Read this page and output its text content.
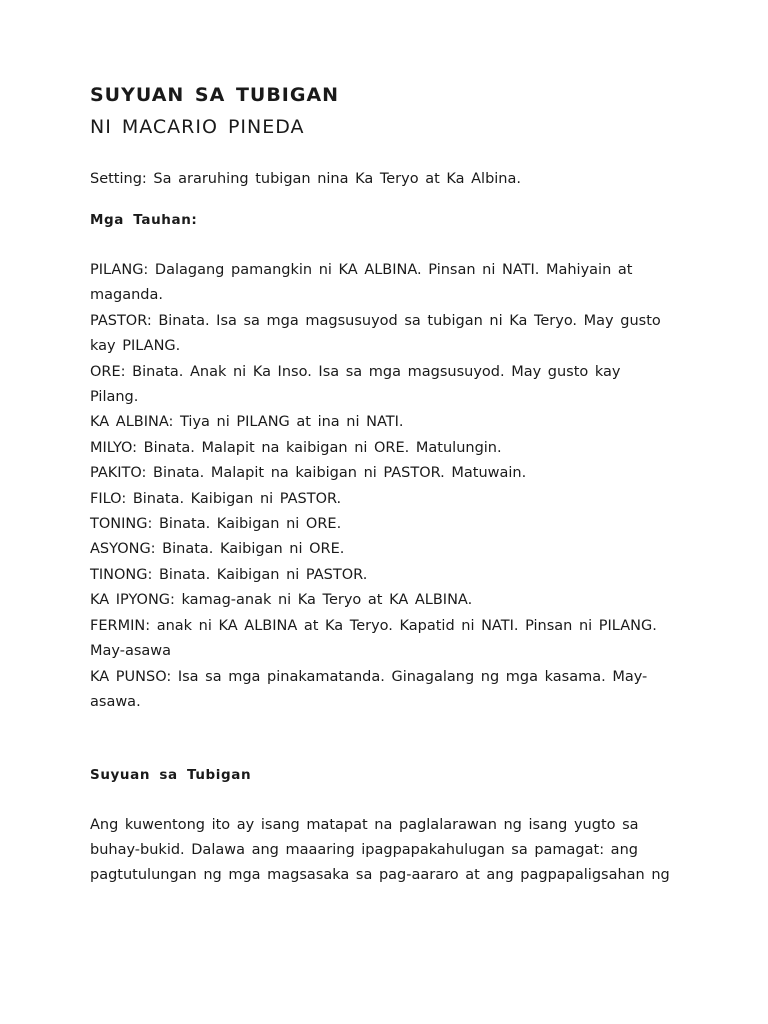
SUYUAN SA TUBIGAN

NI MACARIO PINEDA

Setting: Sa araruhing tubigan nina Ka Teryo at Ka Albina.

Mga Tauhan:

PILANG: Dalagang pamangkin ni KA ALBINA. Pinsan ni NATI. Mahiyain at maganda.
PASTOR: Binata. Isa sa mga magsusuyod sa tubigan ni Ka Teryo. May gusto kay PILANG.
ORE: Binata. Anak ni Ka Inso. Isa sa mga magsusuyod. May gusto kay Pilang.
KA ALBINA: Tiya ni PILANG at ina ni NATI.
MILYO: Binata. Malapit na kaibigan ni ORE. Matulungin.
PAKITO: Binata. Malapit na kaibigan ni PASTOR. Matuwain.
FILO: Binata. Kaibigan ni PASTOR.
TONING: Binata. Kaibigan ni ORE.
ASYONG: Binata. Kaibigan ni ORE.
TINONG: Binata. Kaibigan ni PASTOR.
KA IPYONG: kamag-anak ni Ka Teryo at KA ALBINA.
FERMIN: anak ni KA ALBINA at Ka Teryo. Kapatid ni NATI. Pinsan ni PILANG. May-asawa
KA PUNSO: Isa sa mga pinakamatanda. Ginagalang ng mga kasama. May-asawa.

Suyuan sa Tubigan

Ang kuwentong ito ay isang matapat na paglalarawan ng isang yugto sa buhay-bukid. Dalawa ang maaaring ipagpapakahulugan sa pamagat: ang pagtutulungan ng mga magsasaka sa pag-aararo at ang pagpapaligsahan ng
